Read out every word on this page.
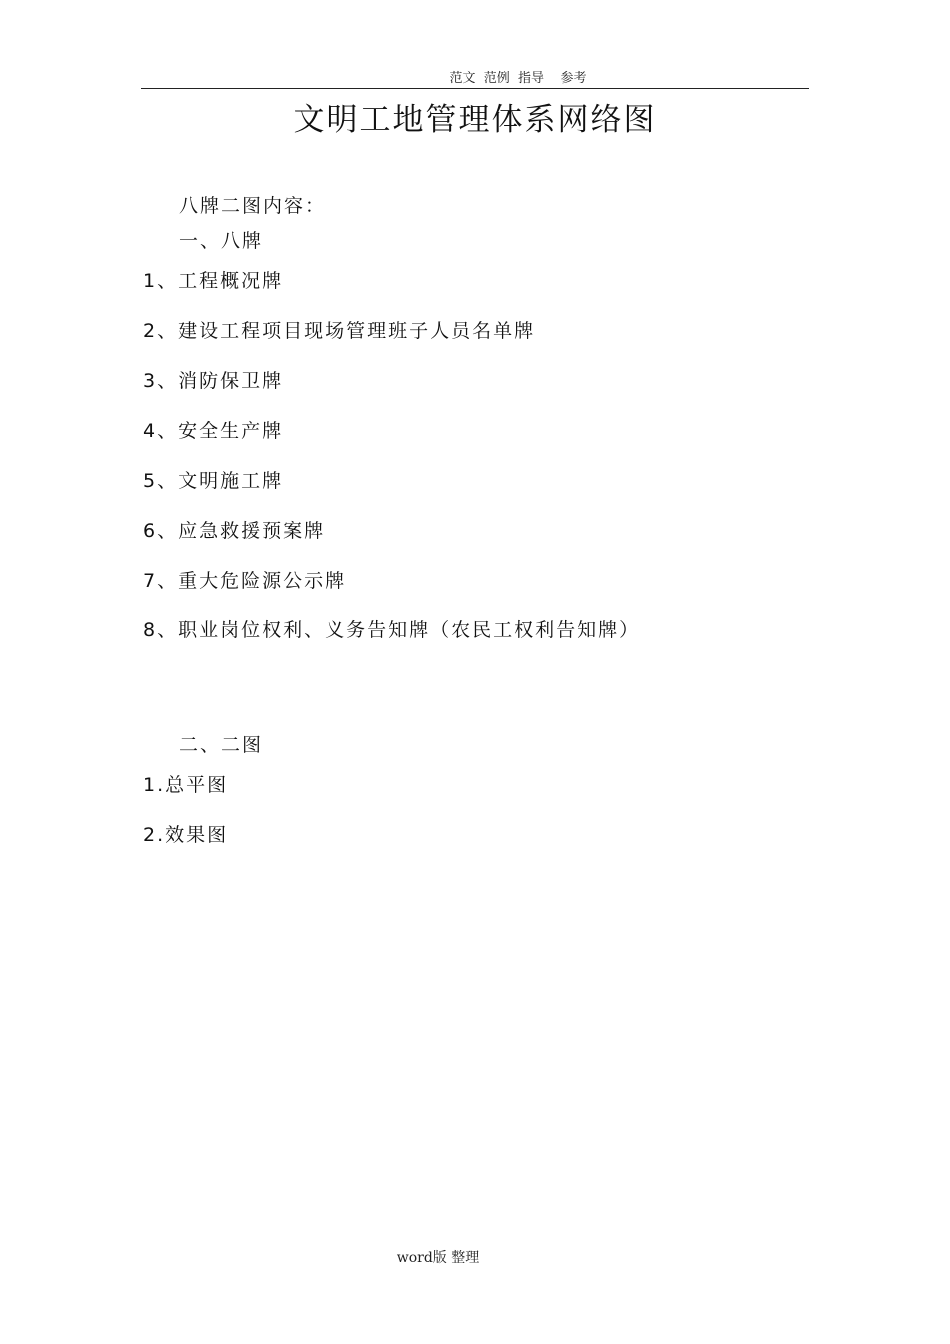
范文  范例  指导    参考
文明工地管理体系网络图
八牌二图内容：
一、八牌
1、工程概况牌
2、建设工程项目现场管理班子人员名单牌
3、消防保卫牌
4、安全生产牌
5、文明施工牌
6、应急救援预案牌
7、重大危险源公示牌
8、职业岗位权利、义务告知牌（农民工权利告知牌）
二、二图
1.总平图
2.效果图
word版 整理
